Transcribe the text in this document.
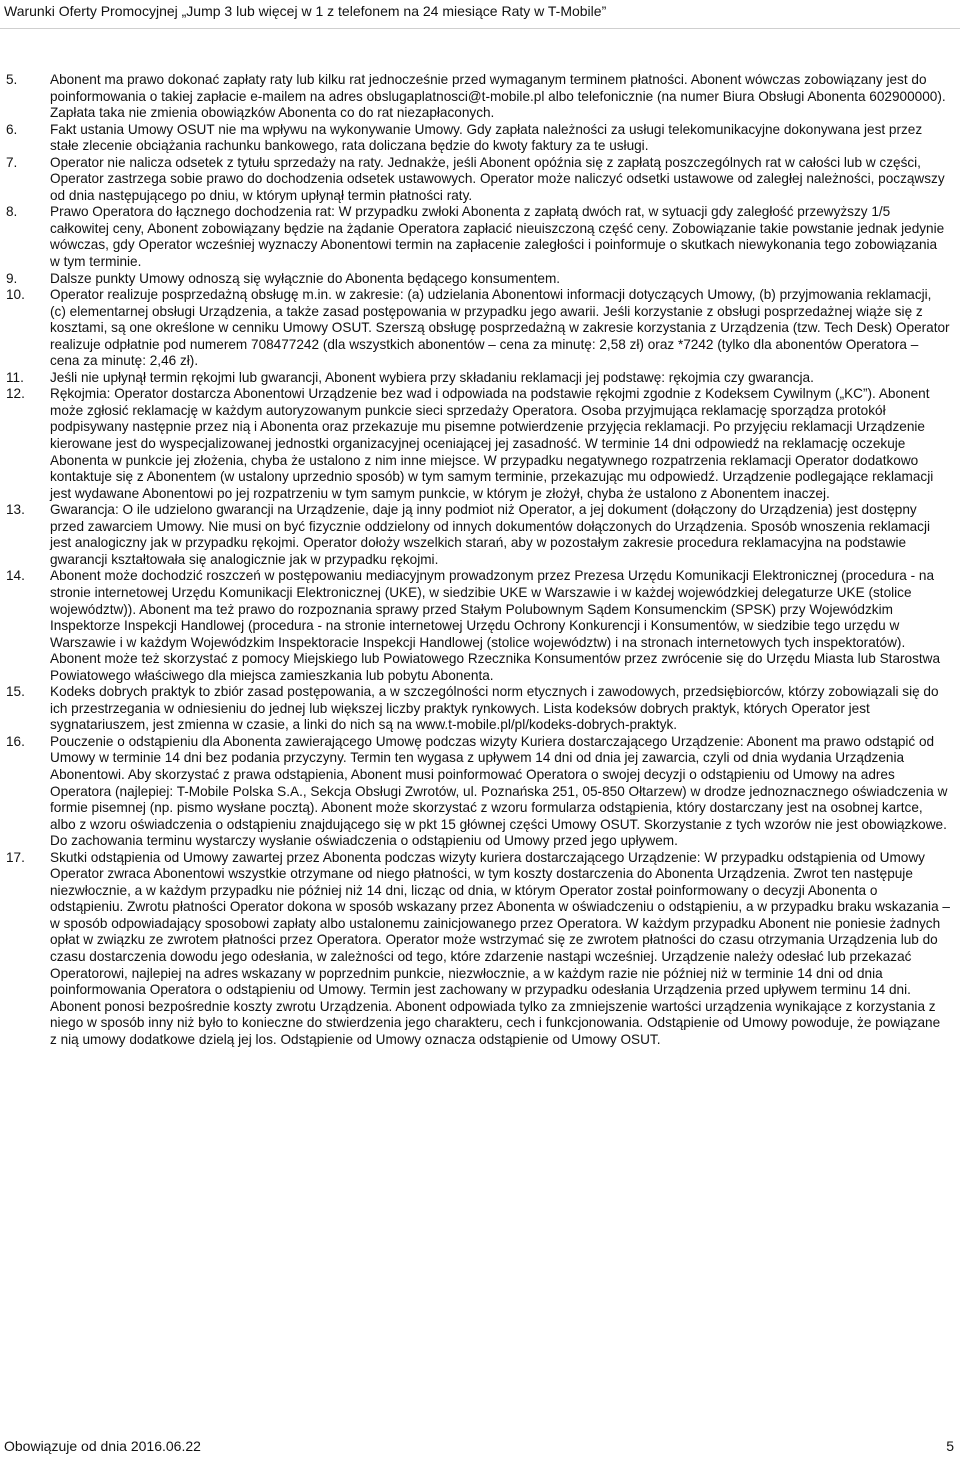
Warunki Oferty Promocyjnej „Jump 3 lub więcej w 1 z telefonem na 24 miesiące Raty w T-Mobile”
5.	Abonent ma prawo dokonać zapłaty raty lub kilku rat jednocześnie przed wymaganym terminem płatności. Abonent wówczas zobowiązany jest do poinformowania o takiej zapłacie e-mailem na adres obslugaplatnosci@t-mobile.pl albo telefonicznie (na numer Biura Obsługi Abonenta 602900000). Zapłata taka nie zmienia obowiązków Abonenta co do rat niezapłaconych.
6.	Fakt ustania Umowy OSUT nie ma wpływu na wykonywanie Umowy. Gdy zapłata należności za usługi telekomunikacyjne dokonywana jest przez stałe zlecenie obciążania rachunku bankowego, rata doliczana będzie do kwoty faktury za te usługi.
7.	Operator nie nalicza odsetek z tytułu sprzedaży na raty. Jednakże, jeśli Abonent opóźnia się z zapłatą poszczególnych rat w całości lub w części, Operator zastrzega sobie prawo do dochodzenia odsetek ustawowych. Operator może naliczyć odsetki ustawowe od zaległej należności, począwszy od dnia następującego po dniu, w którym upłynął termin płatności raty.
8.	Prawo Operatora do łącznego dochodzenia rat: W przypadku zwłoki Abonenta z zapłatą dwóch rat, w sytuacji gdy zaległość przewyższy 1/5 całkowitej ceny, Abonent zobowiązany będzie na żądanie Operatora zapłacić nieuiszczoną część ceny. Zobowiązanie takie powstanie jednak jedynie wówczas, gdy Operator wcześniej wyznaczy Abonentowi termin na zapłacenie zaległości i poinformuje o skutkach niewykonania tego zobowiązania w tym terminie.
9.	Dalsze punkty Umowy odnoszą się wyłącznie do Abonenta będącego konsumentem.
10.	Operator realizuje posprzedażną obsługę m.in. w zakresie: (a) udzielania Abonentowi informacji dotyczących Umowy, (b) przyjmowania reklamacji, (c) elementarnej obsługi Urządzenia, a także zasad postępowania w przypadku jego awarii. Jeśli korzystanie z obsługi posprzedażnej wiąże się z kosztami, są one określone w cenniku Umowy OSUT. Szerszą obsługę posprzedażną w zakresie korzystania z Urządzenia (tzw. Tech Desk) Operator realizuje odpłatnie pod numerem 708477242 (dla wszystkich abonentów – cena za minutę: 2,58 zł) oraz *7242 (tylko dla abonentów Operatora – cena za minutę: 2,46 zł).
11.	Jeśli nie upłynął termin rękojmi lub gwarancji, Abonent wybiera przy składaniu reklamacji jej podstawę: rękojmia czy gwarancja.
12.	Rękojmia: Operator dostarcza Abonentowi Urządzenie bez wad i odpowiada na podstawie rękojmi zgodnie z Kodeksem Cywilnym („KC”). Abonent może zgłosić reklamację w każdym autoryzowanym punkcie sieci sprzedaży Operatora. Osoba przyjmująca reklamację sporządza protokół podpisywany następnie przez nią i Abonenta oraz przekazuje mu pisemne potwierdzenie przyjęcia reklamacji. Po przyjęciu reklamacji Urządzenie kierowane jest do wyspecjalizowanej jednostki organizacyjnej oceniającej jej zasadność. W terminie 14 dni odpowiedź na reklamację oczekuje Abonenta w punkcie jej złożenia, chyba że ustalono z nim inne miejsce. W przypadku negatywnego rozpatrzenia reklamacji Operator dodatkowo kontaktuje się z Abonentem (w ustalony uprzednio sposób) w tym samym terminie, przekazując mu odpowiedź. Urządzenie podlegające reklamacji jest wydawane Abonentowi po jej rozpatrzeniu w tym samym punkcie, w którym je złożył, chyba że ustalono z Abonentem inaczej.
13.	Gwarancja: O ile udzielono gwarancji na Urządzenie, daje ją inny podmiot niż Operator, a jej dokument (dołączony do Urządzenia) jest dostępny przed zawarciem Umowy. Nie musi on być fizycznie oddzielony od innych dokumentów dołączonych do Urządzenia. Sposób wnoszenia reklamacji jest analogiczny jak w przypadku rękojmi. Operator dołoży wszelkich starań, aby w pozostałym zakresie procedura reklamacyjna na podstawie gwarancji kształtowała się analogicznie jak w przypadku rękojmi.
14.	Abonent może dochodzić roszczeń w postępowaniu mediacyjnym prowadzonym przez Prezesa Urzędu Komunikacji Elektronicznej (procedura - na stronie internetowej Urzędu Komunikacji Elektronicznej (UKE), w siedzibie UKE w Warszawie i w każdej wojewódzkiej delegaturze UKE (stolice województw)). Abonent ma też prawo do rozpoznania sprawy przed Stałym Polubownym Sądem Konsumenckim (SPSK) przy Wojewódzkim Inspektorze Inspekcji Handlowej (procedura - na stronie internetowej Urzędu Ochrony Konkurencji i Konsumentów, w siedzibie tego urzędu w Warszawie i w każdym Wojewódzkim Inspektoracie Inspekcji Handlowej (stolice województw) i na stronach internetowych tych inspektoratów). Abonent może też skorzystać z pomocy Miejskiego lub Powiatowego Rzecznika Konsumentów przez zwrócenie się do Urzędu Miasta lub Starostwa Powiatowego właściwego dla miejsca zamieszkania lub pobytu Abonenta.
15.	Kodeks dobrych praktyk to zbiór zasad postępowania, a w szczególności norm etycznych i zawodowych, przedsiębiorców, którzy zobowiązali się do ich przestrzegania w odniesieniu do jednej lub większej liczby praktyk rynkowych. Lista kodeksów dobrych praktyk, których Operator jest sygnatariuszem, jest zmienna w czasie, a linki do nich są na www.t-mobile.pl/pl/kodeks-dobrych-praktyk.
16.	Pouczenie o odstąpieniu dla Abonenta zawierającego Umowę podczas wizyty Kuriera dostarczającego Urządzenie: Abonent ma prawo odstąpić od Umowy w terminie 14 dni bez podania przyczyny. Termin ten wygasa z upływem 14 dni od dnia jej zawarcia, czyli od dnia wydania Urządzenia Abonentowi. Aby skorzystać z prawa odstąpienia, Abonent musi poinformować Operatora o swojej decyzji o odstąpieniu od Umowy na adres Operatora (najlepiej: T-Mobile Polska S.A., Sekcja Obsługi Zwrotów, ul. Poznańska 251, 05-850 Ołtarzew) w drodze jednoznacznego oświadczenia w formie pisemnej (np. pismo wysłane pocztą). Abonent może skorzystać z wzoru formularza odstąpienia, który dostarczany jest na osobnej kartce, albo z wzoru oświadczenia o odstąpieniu znajdującego się w pkt 15 głównej części Umowy OSUT. Skorzystanie z tych wzorów nie jest obowiązkowe. Do zachowania terminu wystarczy wysłanie oświadczenia o odstąpieniu od Umowy przed jego upływem.
17.	Skutki odstąpienia od Umowy zawartej przez Abonenta podczas wizyty kuriera dostarczającego Urządzenie: W przypadku odstąpienia od Umowy Operator zwraca Abonentowi wszystkie otrzymane od niego płatności, w tym koszty dostarczenia do Abonenta Urządzenia. Zwrot ten następuje niezwłocznie, a w każdym przypadku nie później niż 14 dni, licząc od dnia, w którym Operator został poinformowany o decyzji Abonenta o odstąpieniu. Zwrotu płatności Operator dokona w sposób wskazany przez Abonenta w oświadczeniu o odstąpieniu, a w przypadku braku wskazania – w sposób odpowiadający sposobowi zapłaty albo ustalonemu zainicjowanego przez Operatora. W każdym przypadku Abonent nie poniesie żadnych opłat w związku ze zwrotem płatności przez Operatora. Operator może wstrzymać się ze zwrotem płatności do czasu otrzymania Urządzenia lub do czasu dostarczenia dowodu jego odesłania, w zależności od tego, które zdarzenie nastąpi wcześniej. Urządzenie należy odesłać lub przekazać Operatorowi, najlepiej na adres wskazany w poprzednim punkcie, niezwłocznie, a w każdym razie nie później niż w terminie 14 dni od dnia poinformowania Operatora o odstąpieniu od Umowy. Termin jest zachowany w przypadku odesłania Urządzenia przed upływem terminu 14 dni. Abonent ponosi bezpośrednie koszty zwrotu Urządzenia. Abonent odpowiada tylko za zmniejszenie wartości urządzenia wynikające z korzystania z niego w sposób inny niż było to konieczne do stwierdzenia jego charakteru, cech i funkcjonowania. Odstąpienie od Umowy powoduje, że powiązane z nią umowy dodatkowe dzielą jej los. Odstąpienie od Umowy oznacza odstąpienie od Umowy OSUT.
Obowiązuje od dnia 2016.06.22	5
